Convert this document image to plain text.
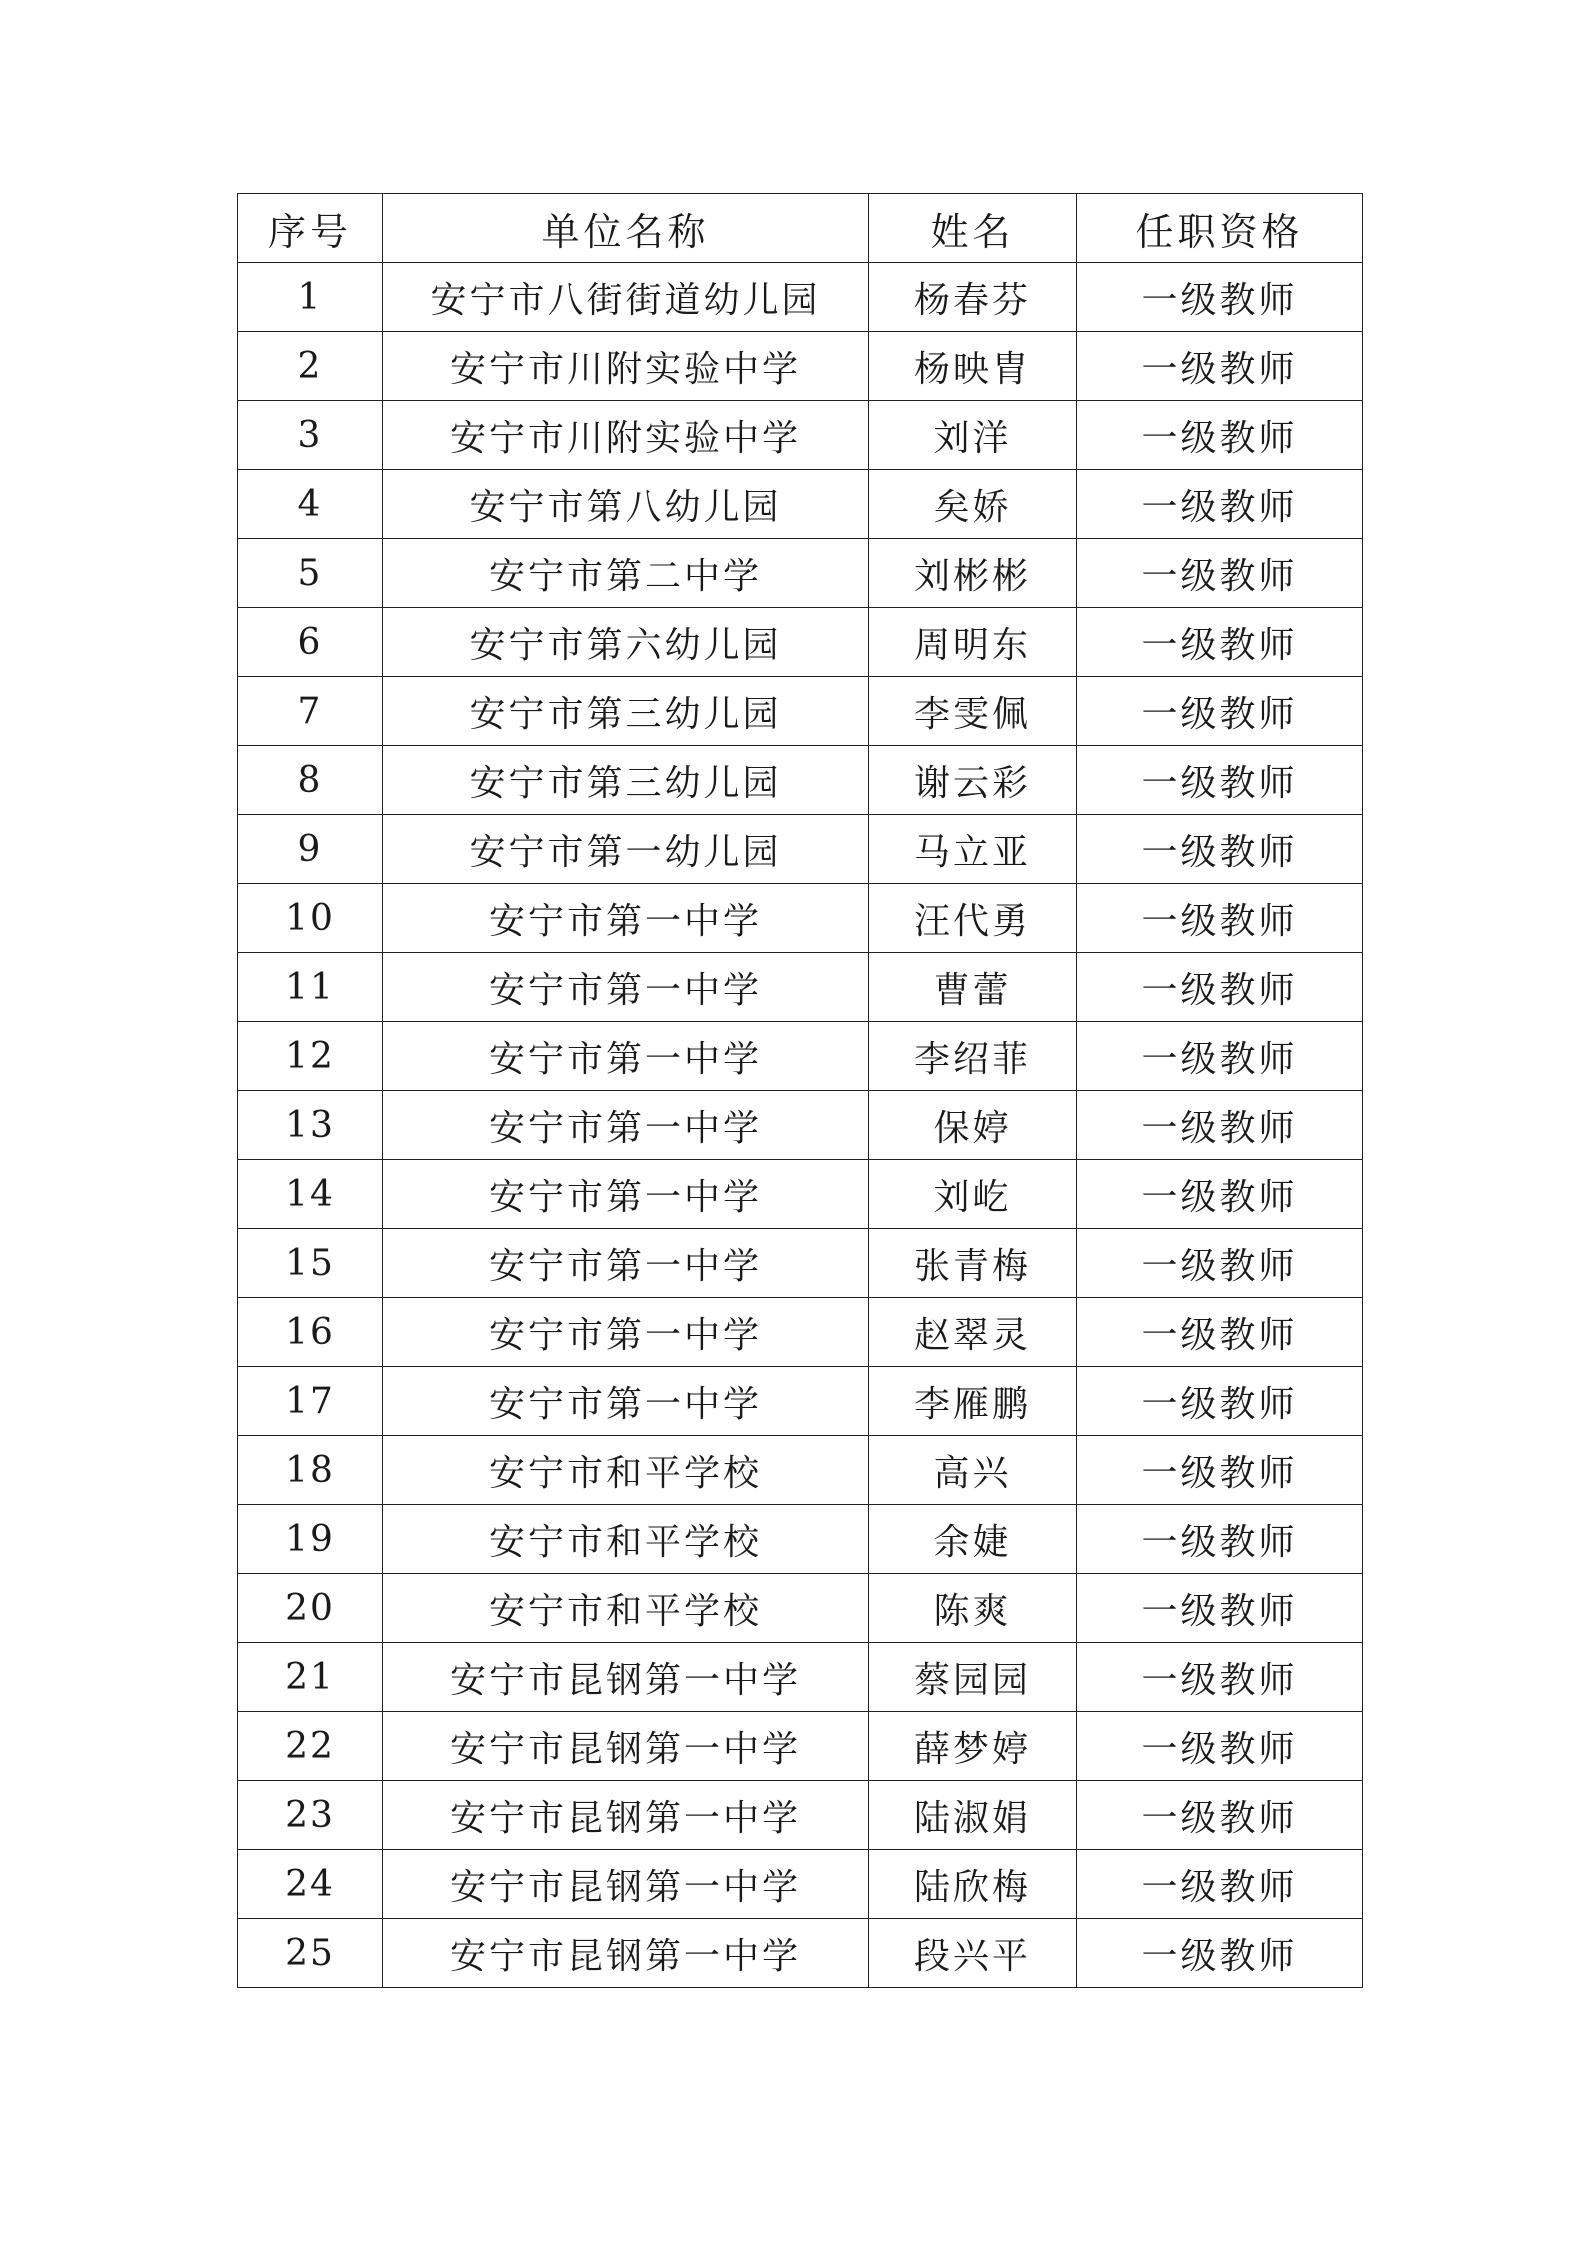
序号	单位名称	姓名	任职资格
1	安宁市八街街道幼儿园	杨春芬	一级教师
2	安宁市川附实验中学	杨映胄	一级教师
3	安宁市川附实验中学	刘洋	一级教师
4	安宁市第八幼儿园	矣娇	一级教师
5	安宁市第二中学	刘彬彬	一级教师
6	安宁市第六幼儿园	周明东	一级教师
7	安宁市第三幼儿园	李雯佩	一级教师
8	安宁市第三幼儿园	谢云彩	一级教师
9	安宁市第一幼儿园	马立亚	一级教师
10	安宁市第一中学	汪代勇	一级教师
11	安宁市第一中学	曹蕾	一级教师
12	安宁市第一中学	李绍菲	一级教师
13	安宁市第一中学	保婷	一级教师
14	安宁市第一中学	刘屹	一级教师
15	安宁市第一中学	张青梅	一级教师
16	安宁市第一中学	赵翠灵	一级教师
17	安宁市第一中学	李雁鹏	一级教师
18	安宁市和平学校	高兴	一级教师
19	安宁市和平学校	余婕	一级教师
20	安宁市和平学校	陈爽	一级教师
21	安宁市昆钢第一中学	蔡园园	一级教师
22	安宁市昆钢第一中学	薛梦婷	一级教师
23	安宁市昆钢第一中学	陆淑娟	一级教师
24	安宁市昆钢第一中学	陆欣梅	一级教师
25	安宁市昆钢第一中学	段兴平	一级教师
